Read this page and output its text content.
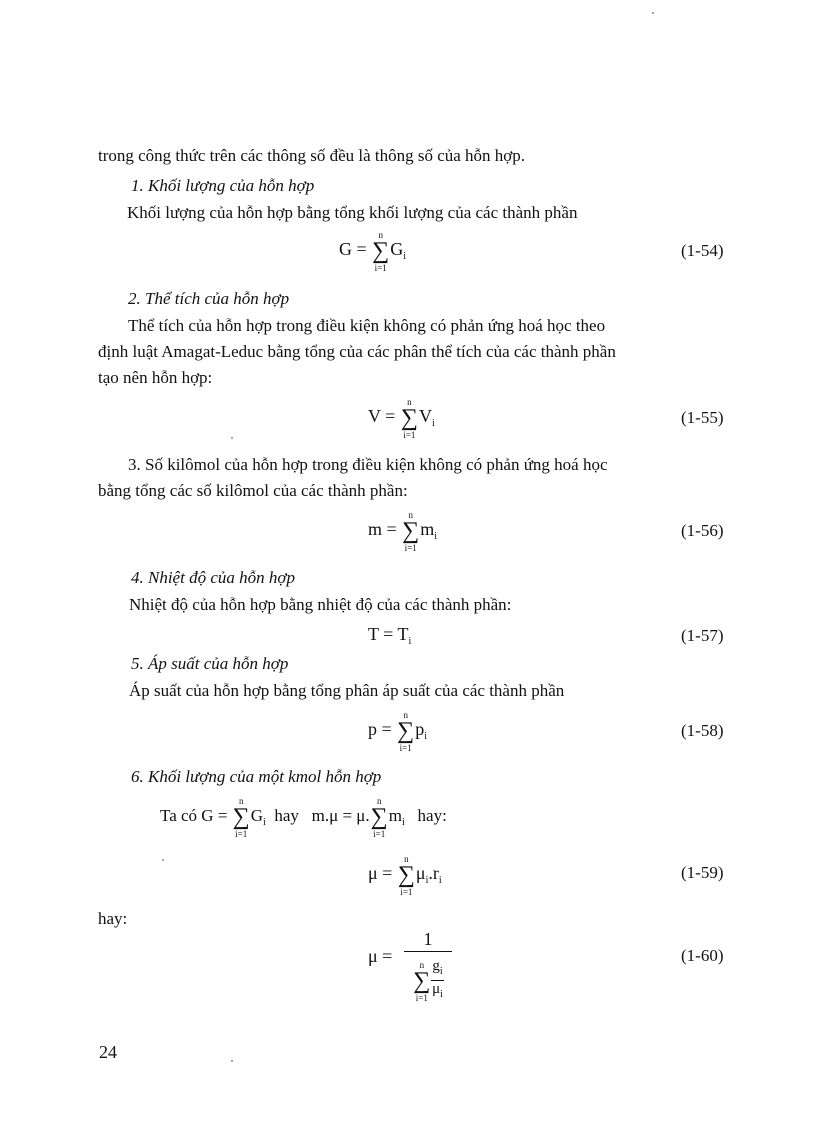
trong công thức trên các thông số đều là thông số của hỗn hợp.
1. Khối lượng của hỗn hợp
Khối lượng của hỗn hợp bằng tổng khối lượng của các thành phần
G = ∑
n
i=1
$G_i$	(1-54)
2. Thể tích của hỗn hợp
Thể tích của hỗn hợp trong điều kiện không có phản ứng hoá học theo
định luật Amagat-Leduc bằng tổng của các phân thể tích của các thành phần
tạo nên hỗn hợp:
V = ∑
n
i=1
$V_i$	(1-55)
3. Số kilômol của hỗn hợp trong điều kiện không có phản ứng hoá học
bằng tổng các số kilômol của các thành phần:
m = ∑
n
i=1
$m_i$	(1-56)
4. Nhiệt độ của hỗn hợp
Nhiệt độ của hỗn hợp bằng nhiệt độ của các thành phần:
$T = T_i$	(1-57)
5. Áp suất của hỗn hợp
Áp suất của hỗn hợp bằng tổng phân áp suất của các thành phần
p = ∑
n
i=1
$p_i$	(1-58)
6. Khối lượng của một kmol hỗn hợp
Ta có G = ∑
n
i=1
$G_i$ hay m.μ = μ.∑
n
i=1
$m_i$ hay:
μ = ∑
n
i=1
$\mu_i.r_i$	(1-59)
hay:
μ =
1
∑
n
$i=1 \frac{g_i}{\mu_i}$
(1-60)
24
